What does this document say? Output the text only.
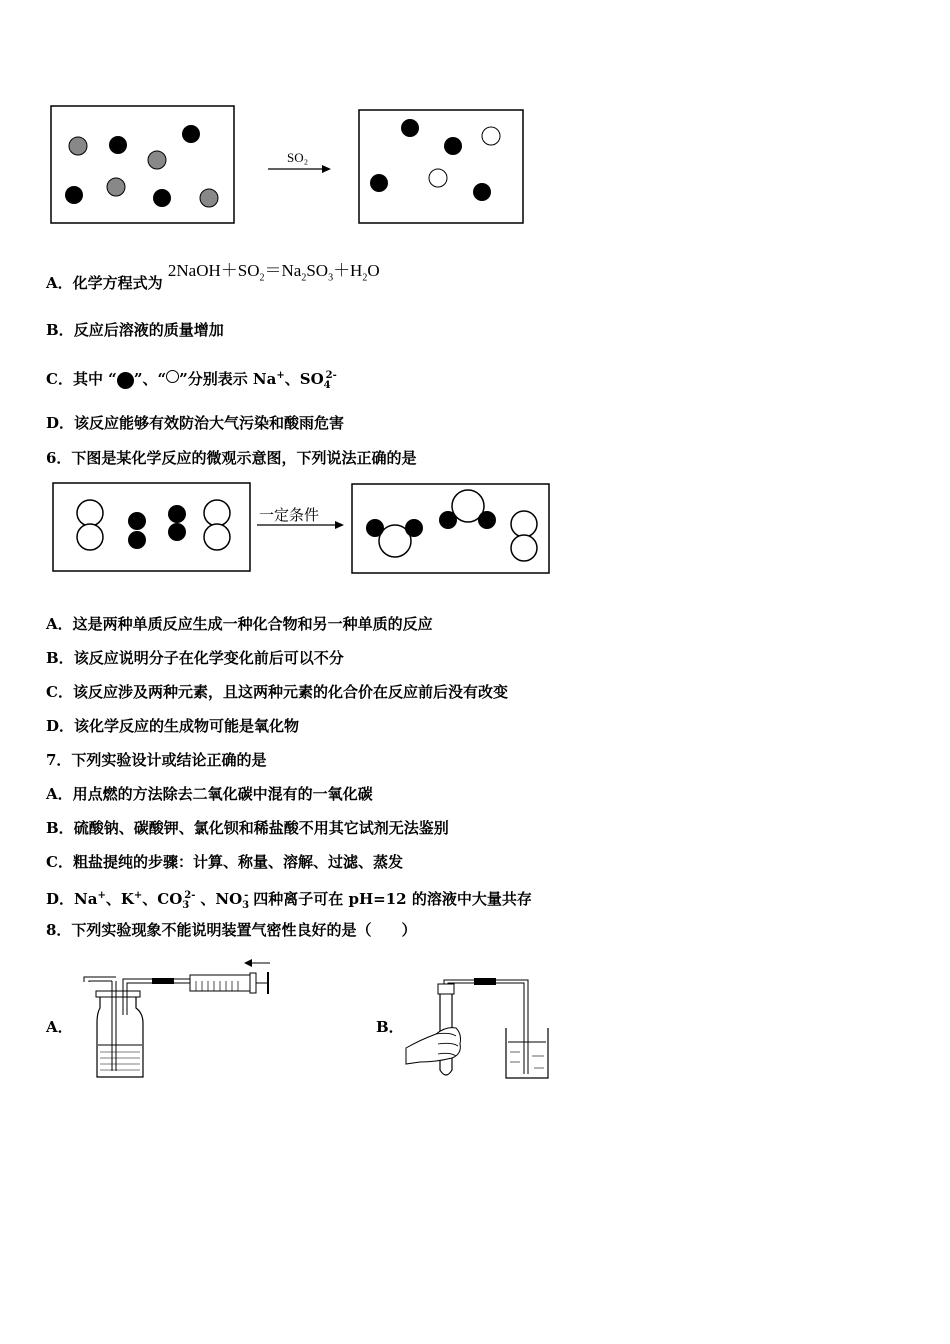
SO₂
A．化学方程式为 $2NaOH+SO_2=Na_2SO_3+H_2O$
B．反应后溶液的质量增加
C．其中 “ ”、“ ”分别表示 Na+、$SO_4^{2-}$
D．该反应能够有效防治大气污染和酸雨危害
6．下图是某化学反应的微观示意图，下列说法正确的是
一定条件
A．这是两种单质反应生成一种化合物和另一种单质的反应
B．该反应说明分子在化学变化前后可以不分
C．该反应涉及两种元素，且这两种元素的化合价在反应前后没有改变
D．该化学反应的生成物可能是氧化物
7．下列实验设计或结论正确的是
A．用点燃的方法除去二氧化碳中混有的一氧化碳
B．硫酸钠、碳酸钾、氯化钡和稀盐酸不用其它试剂无法鉴别
C．粗盐提纯的步骤：计算、称量、溶解、过滤、蒸发
D．Na+、K+、$CO_3^{2-}$ 、$NO_3^-$ 四种离子可在 pH=12 的溶液中大量共存
8．下列实验现象不能说明装置气密性良好的是（　　）
A．	B．
